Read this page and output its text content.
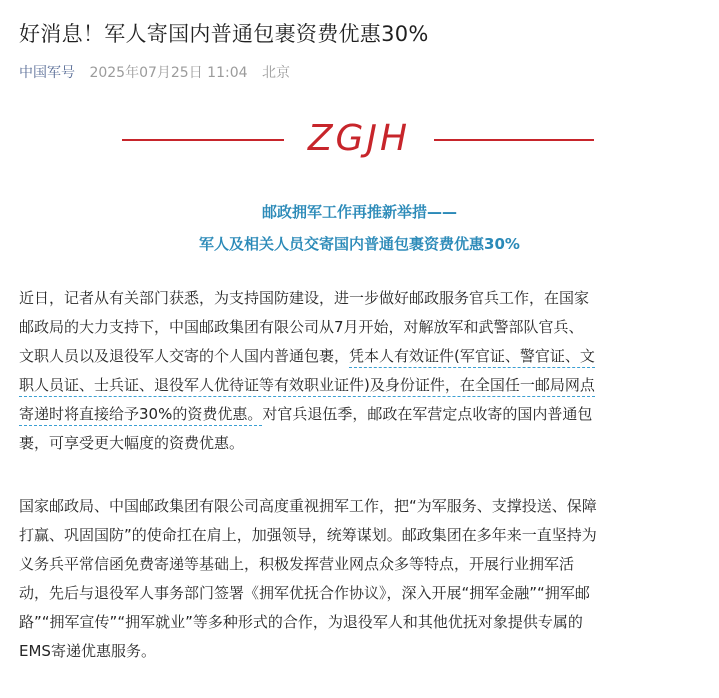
好消息！军人寄国内普通包裹资费优惠30%
中国军号 2025年07月25日 11:04 北京
ZGJH
邮政拥军工作再推新举措——
军人及相关人员交寄国内普通包裹资费优惠30%
近日，记者从有关部门获悉，为支持国防建设，进一步做好邮政服务官兵工作，在国家
邮政局的大力支持下，中国邮政集团有限公司从7月开始，对解放军和武警部队官兵、
文职人员以及退役军人交寄的个人国内普通包裹，凭本人有效证件(军官证、警官证、文
职人员证、士兵证、退役军人优待证等有效职业证件)及身份证件，在全国任一邮局网点
寄递时将直接给予30%的资费优惠。对官兵退伍季，邮政在军营定点收寄的国内普通包
裹，可享受更大幅度的资费优惠。
国家邮政局、中国邮政集团有限公司高度重视拥军工作，把“为军服务、支撑投送、保障
打赢、巩固国防”的使命扛在肩上，加强领导，统筹谋划。邮政集团在多年来一直坚持为
义务兵平常信函免费寄递等基础上，积极发挥营业网点众多等特点，开展行业拥军活
动，先后与退役军人事务部门签署《拥军优抚合作协议》，深入开展“拥军金融”“拥军邮
路”“拥军宣传”“拥军就业”等多种形式的合作，为退役军人和其他优抚对象提供专属的
EMS寄递优惠服务。
